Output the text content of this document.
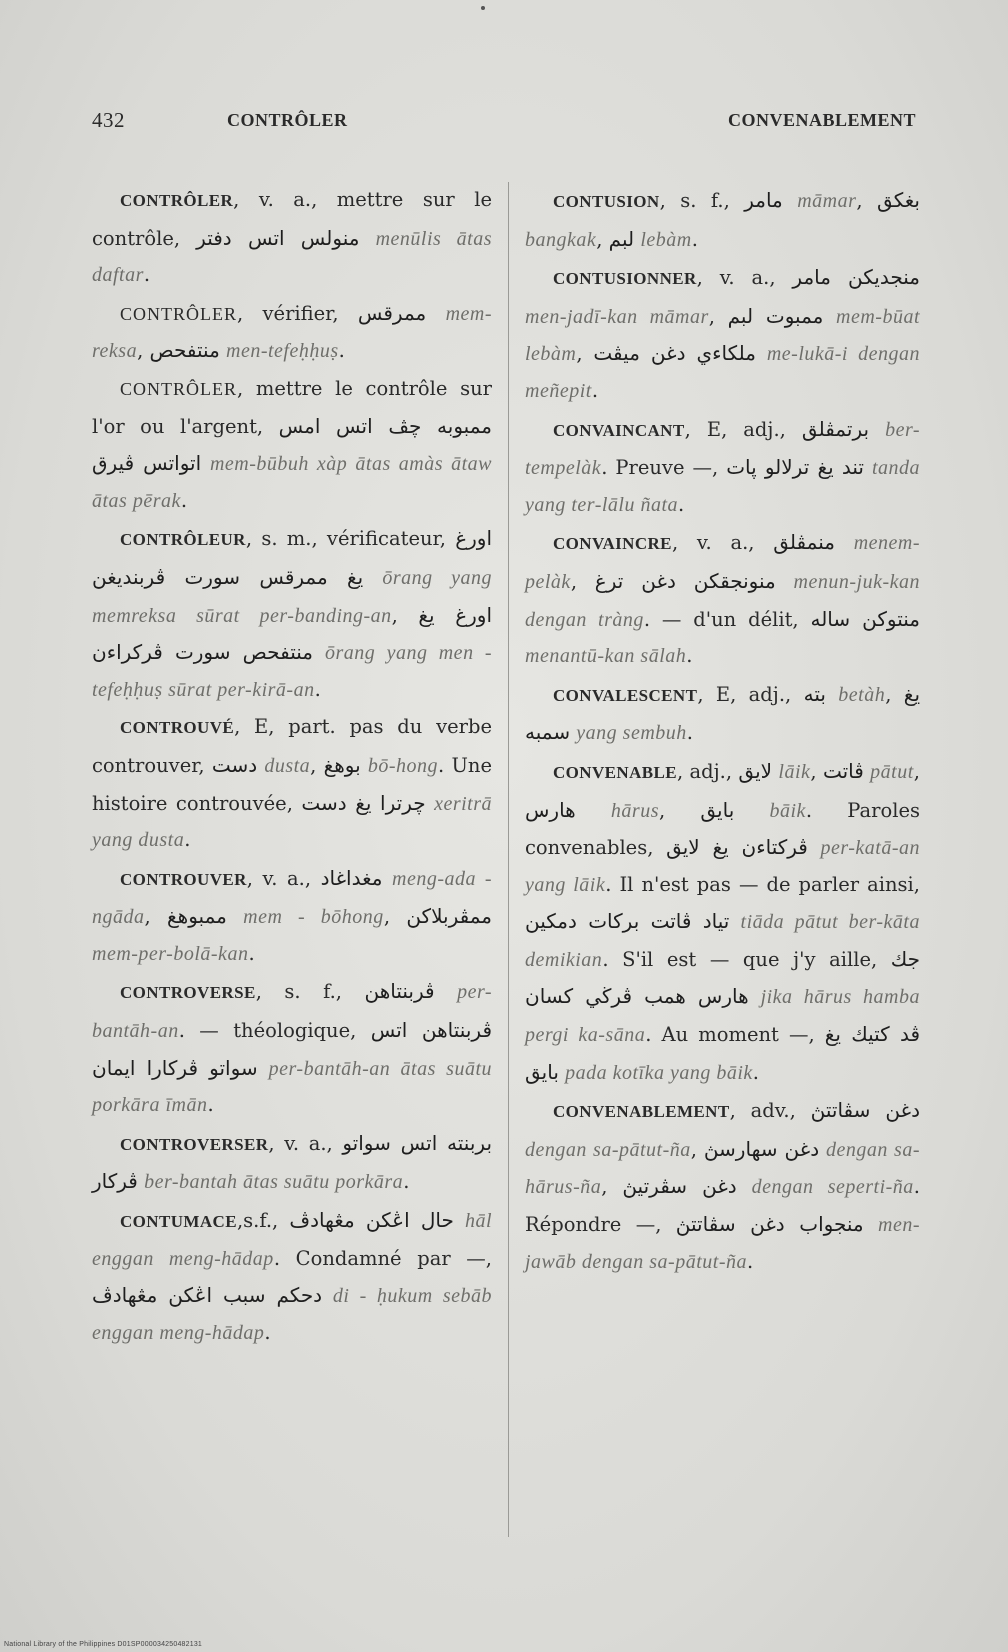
432	CONTRÔLER	CONVENABLEMENT

CONTRÔLER, v. a., mettre sur le contrôle, منولس اتس دفتر menūlis ātas daftar.

CONTRÔLER, vérifier, ممرقس mem-reksa, منتفحص men-tefeḥḥuṣ.

CONTRÔLER, mettre le contrôle sur l'or ou l'argent, ممبوبه چڤ اتس امس اتواتس ڤيرق mem-būbuh xàp ātas amàs ātaw ātas pērak.

CONTRÔLEUR, s. m., vérificateur, اورغ يغ ممرقس سورت ڤربنديغن ōrang yang memreksa sūrat per-banding-an, اورغ يغ منتفحص سورت ڤركراءن ōrang yang men - tefeḥḥuṣ sūrat per-kirā-an.

CONTROUVÉ, E, part. pas du verbe controuver, دست dusta, بوهغ bō-hong. Une histoire controuvée, چرترا يغ دست xeritrā yang dusta.

CONTROUVER, v. a., مغداغاد meng-ada - ngāda, ممبوهغ mem - bōhong, ممڤربلاكن mem-per-bolā-kan.

CONTROVERSE, s. f., ڤربنتاهن per-bantāh-an. — théologique, ڤربنتاهن اتس سواتو ڤركارا ايمان per-bantāh-an ātas suātu porkāra īmān.

CONTROVERSER, v. a., بربنته اتس سواتو ڤركار ber-bantah ātas suātu porkāra.

CONTUMACE,s.f., حال اڠكن مڠهادڤ hāl enggan meng-hādap. Condamné par —, دحكم سبب اڠكن مڠهادڤ di - ḥukum sebāb enggan meng-hādap.

CONTUSION, s. f., مامر māmar, بغكق bangkak, لبم lebàm.

CONTUSIONNER, v. a., منجديكن مامر men-jadī-kan māmar, ممبوت لبم mem-būat lebàm, ملكاءي دغن ميڤت me-lukā-i dengan meñepit.

CONVAINCANT, E, adj., برتمڤلق ber-tempelàk. Preuve —, تند يغ ترلالو ڽات tanda yang ter-lālu ñata.

CONVAINCRE, v. a., منمڤلق menem-pelàk, منونجقكن دغن ترغ menun-juk-kan dengan tràng. — d'un délit, منتوكن ساله menantū-kan sālah.

CONVALESCENT, E, adj., بته betàh, يغ سمبه yang sembuh.

CONVENABLE, adj., لايق lāik, ڤاتت pātut, هارس hārus, بايق bāik. Paroles convenables, ڤركتاءن يغ لايق per-katā-an yang lāik. Il n'est pas — de parler ainsi, تياد ڤاتت بركات دمكين tiāda pātut ber-kāta demikian. S'il est — que j'y aille, جك هارس همب ڤرڬي كسان jika hārus hamba pergi ka-sāna. Au moment —, ڤد كتيك يغ بايق pada kotīka yang bāik.

CONVENABLEMENT, adv., دغن سڤاتتڽ dengan sa-pātut-ña, دغن سهارسڽ dengan sa-hārus-ña, دغن سڤرتيڽ dengan seperti-ña. Répondre —, منجواب دغن سڤاتتڽ men-jawāb dengan sa-pātut-ña.

National Library of the Philippines D01SP000034250482131
